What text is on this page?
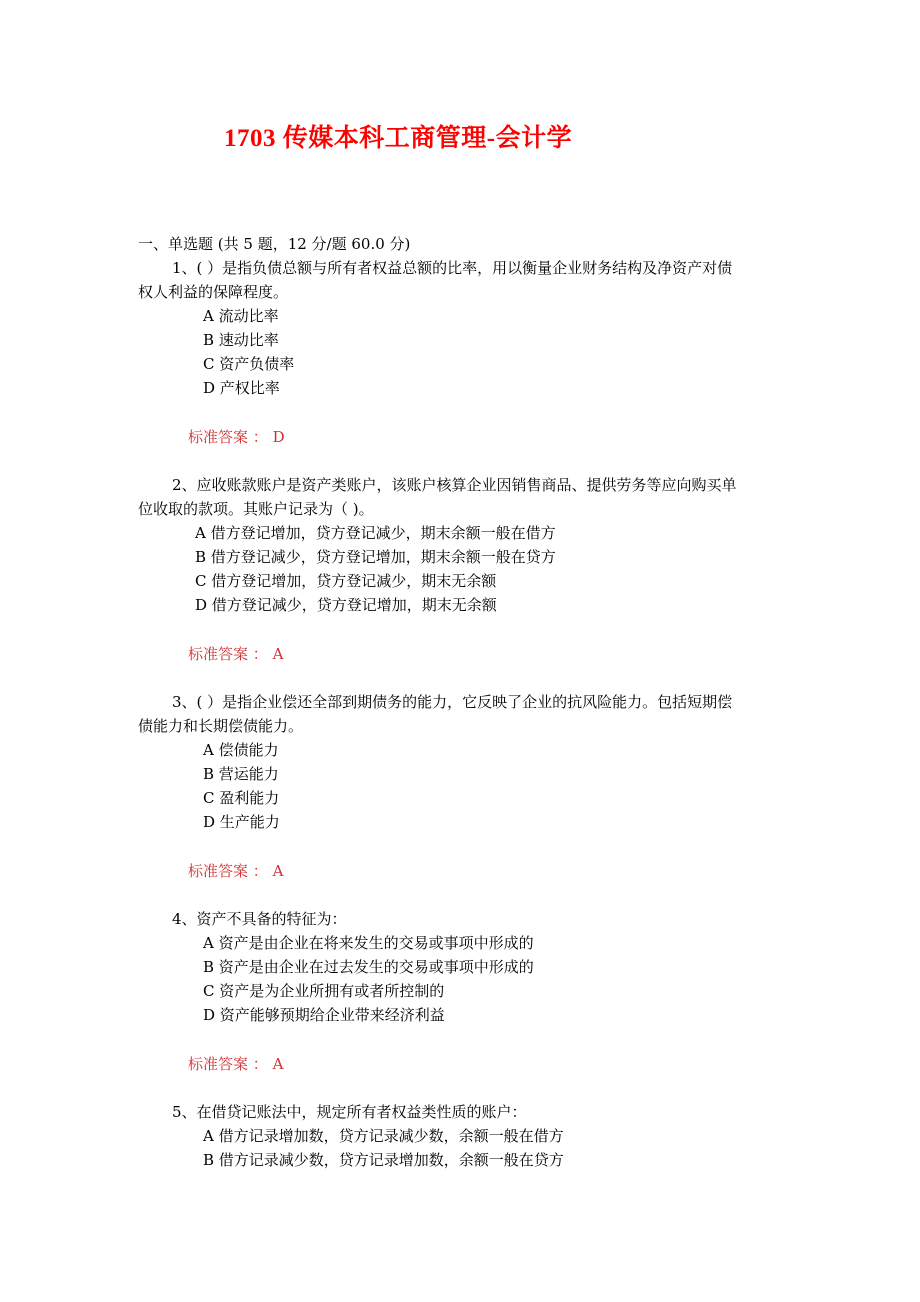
1703 传媒本科工商管理-会计学
一、单选题 (共 5 题，12 分/题 60.0 分)
1、( ）是指负债总额与所有者权益总额的比率，用以衡量企业财务结构及净资产对债
权人利益的保障程度。
A 流动比率
B 速动比率
C 资产负债率
D 产权比率
标准答案 ： D
2、应收账款账户是资产类账户，该账户核算企业因销售商品、提供劳务等应向购买单
位收取的款项。其账户记录为（ )。
A 借方登记增加，贷方登记减少，期末余额一般在借方
B 借方登记减少，贷方登记增加，期末余额一般在贷方
C 借方登记增加，贷方登记减少，期末无余额
D 借方登记减少，贷方登记增加，期末无余额
标准答案 ： A
3、( ）是指企业偿还全部到期债务的能力，它反映了企业的抗风险能力。包括短期偿
债能力和长期偿债能力。
A 偿债能力
B 营运能力
C 盈利能力
D 生产能力
标准答案 ： A
4、资产不具备的特征为：
A 资产是由企业在将来发生的交易或事项中形成的
B 资产是由企业在过去发生的交易或事项中形成的
C 资产是为企业所拥有或者所控制的
D 资产能够预期给企业带来经济利益
标准答案 ： A
5、在借贷记账法中，规定所有者权益类性质的账户：
A 借方记录增加数，贷方记录减少数，余额一般在借方
B 借方记录减少数，贷方记录增加数，余额一般在贷方
